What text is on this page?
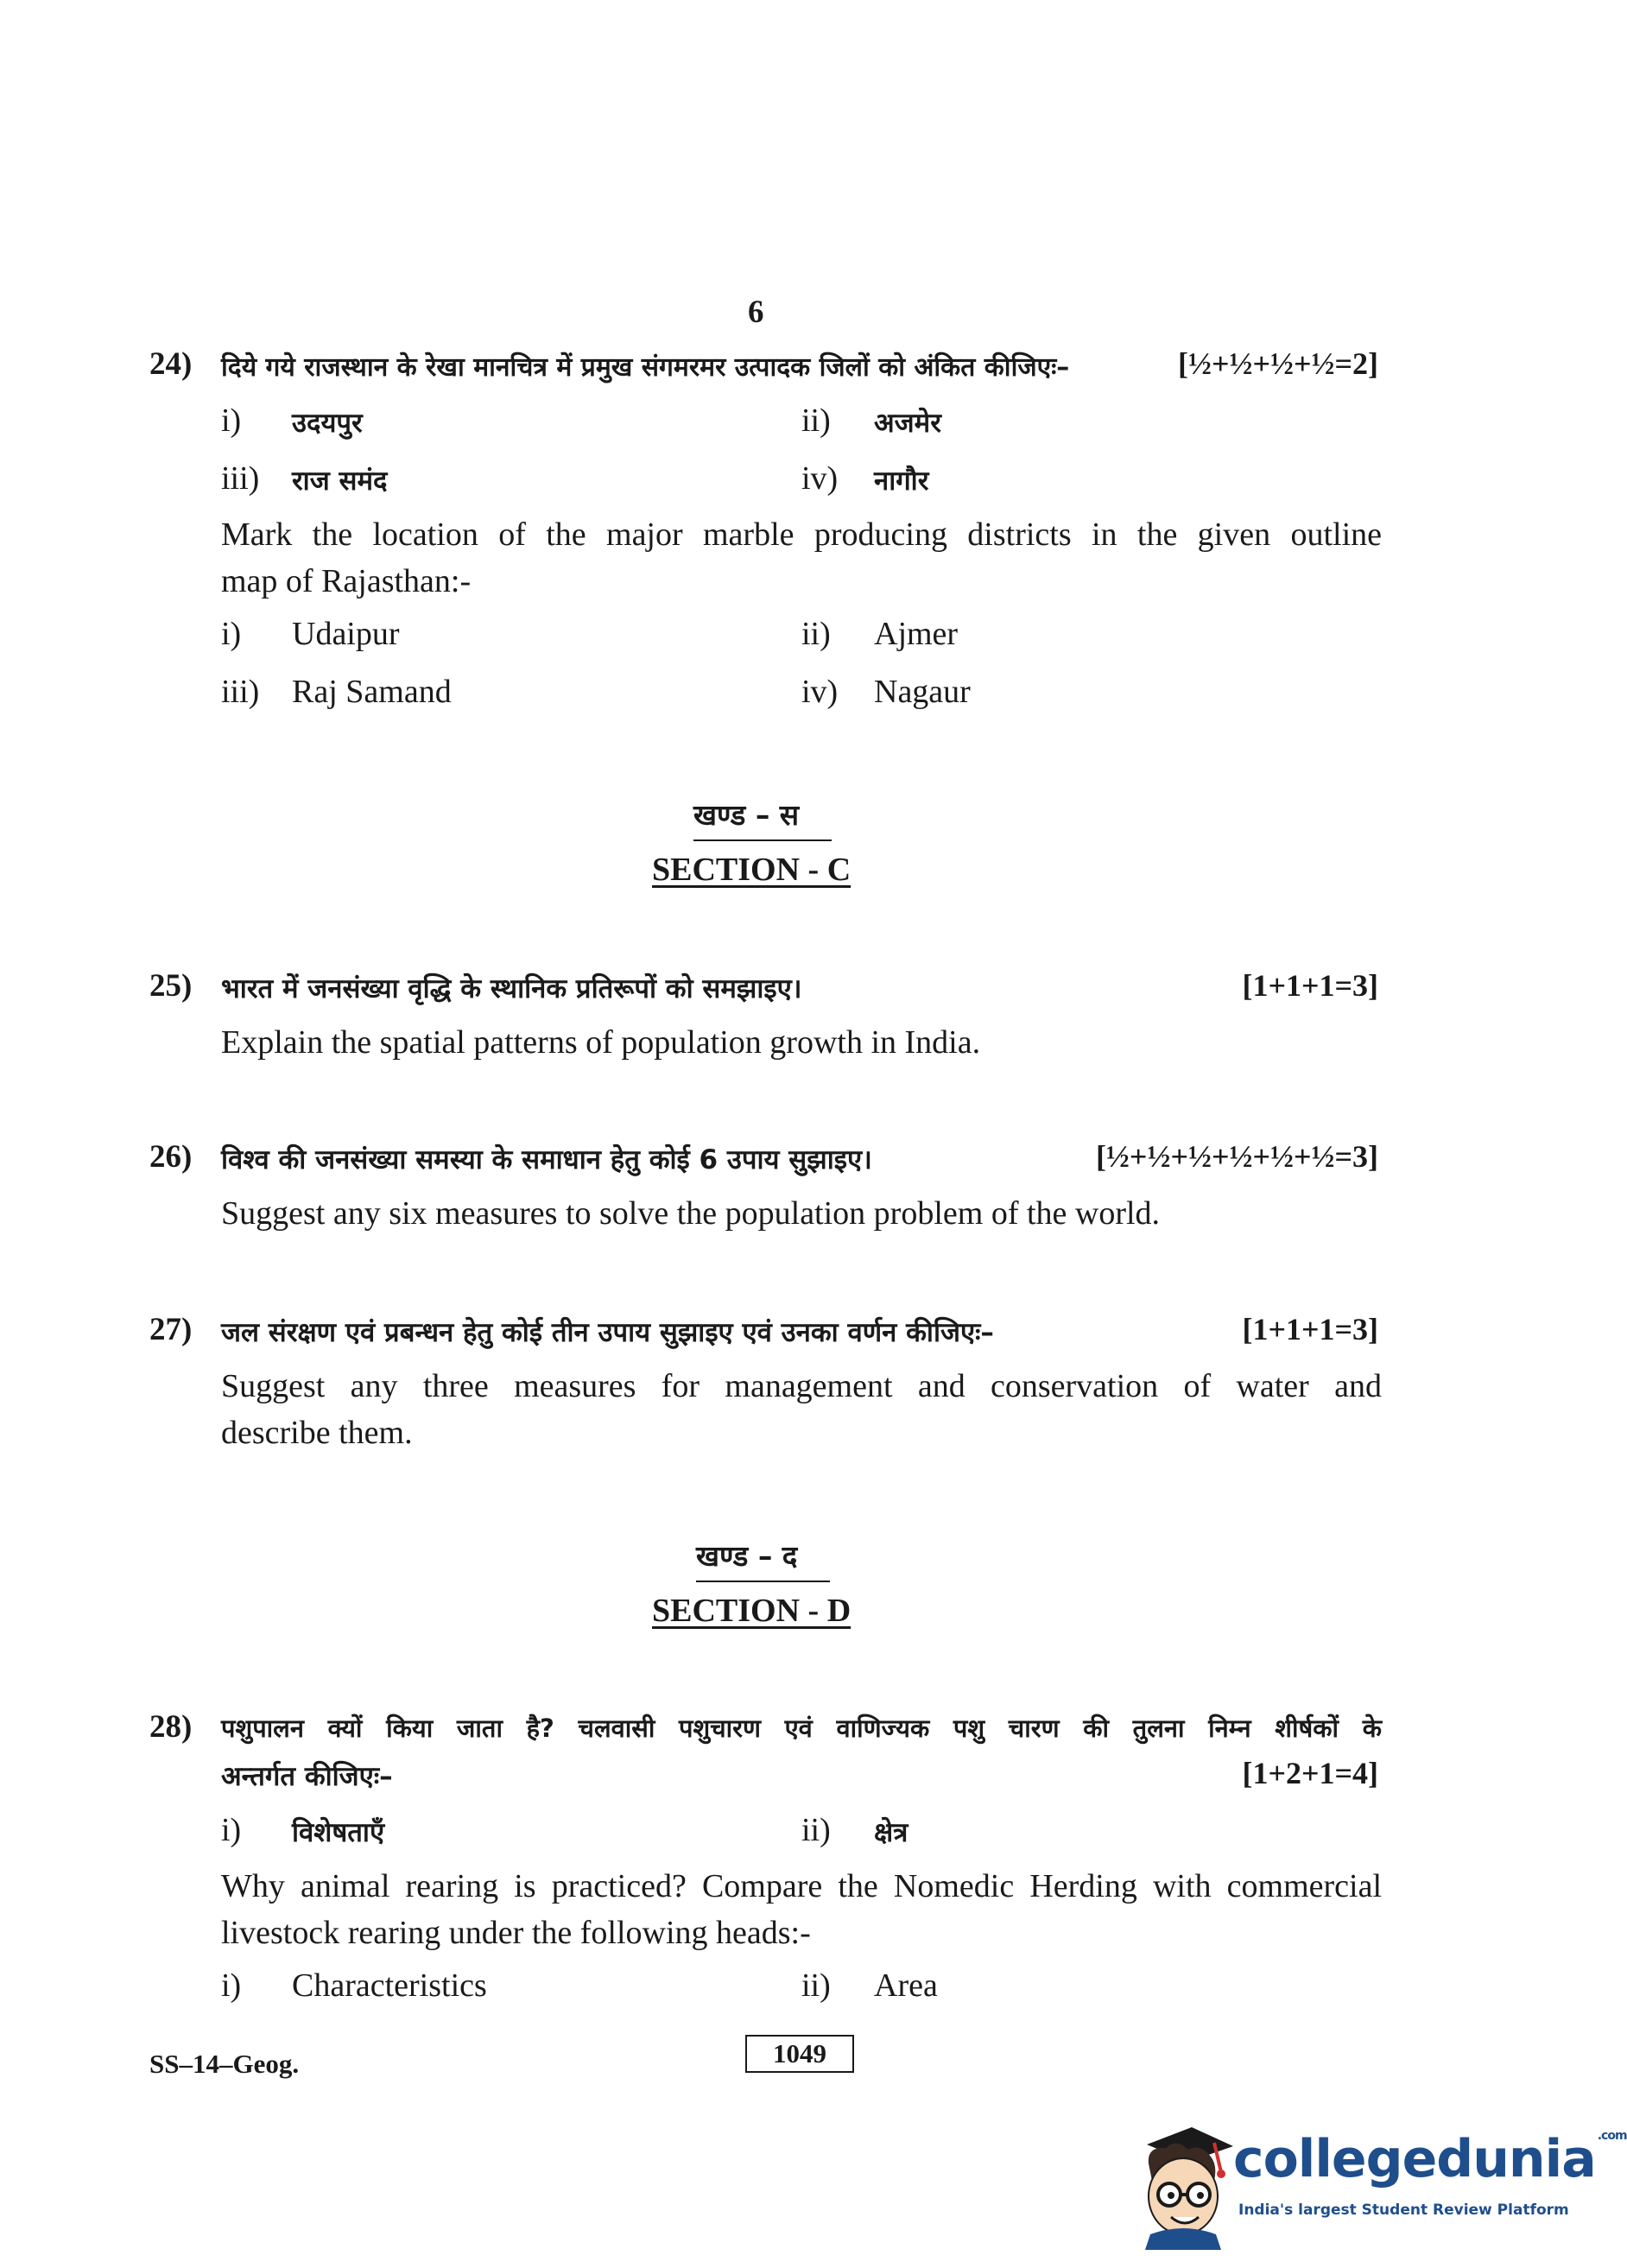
6
24) दिये गये राजस्थान के रेखा मानचित्र में प्रमुख संगमरमर उत्पादक जिलों को अंकित कीजिएः–	[½+½+½+½=2]
i) उदयपुर	ii) अजमेर
iii) राज समंद	iv) नागौर
Mark the location of the major marble producing districts in the given outline
map of Rajasthan:-
i) Udaipur	ii) Ajmer
iii) Raj Samand	iv) Nagaur
खण्ड – स
SECTION - C
25) भारत में जनसंख्या वृद्धि के स्थानिक प्रतिरूपों को समझाइए।	[1+1+1=3]
Explain the spatial patterns of population growth in India.
26) विश्व की जनसंख्या समस्या के समाधान हेतु कोई 6 उपाय सुझाइए।	[½+½+½+½+½+½=3]
Suggest any six measures to solve the population problem of the world.
27) जल संरक्षण एवं प्रबन्धन हेतु कोई तीन उपाय सुझाइए एवं उनका वर्णन कीजिएः–	[1+1+1=3]
Suggest any three measures for management and conservation of water and
describe them.
खण्ड – द
SECTION - D
28) पशुपालन क्यों किया जाता है? चलवासी पशुचारण एवं वाणिज्यक पशु चारण की तुलना निम्न शीर्षकों के
अन्तर्गत कीजिएः–	[1+2+1=4]
i) विशेषताएँ	ii) क्षेत्र
Why animal rearing is practiced? Compare the Nomedic Herding with commercial
livestock rearing under the following heads:-
i) Characteristics	ii) Area
SS–14–Geog.	1049
collegedunia $^{.com}$
India's largest Student Review Platform
